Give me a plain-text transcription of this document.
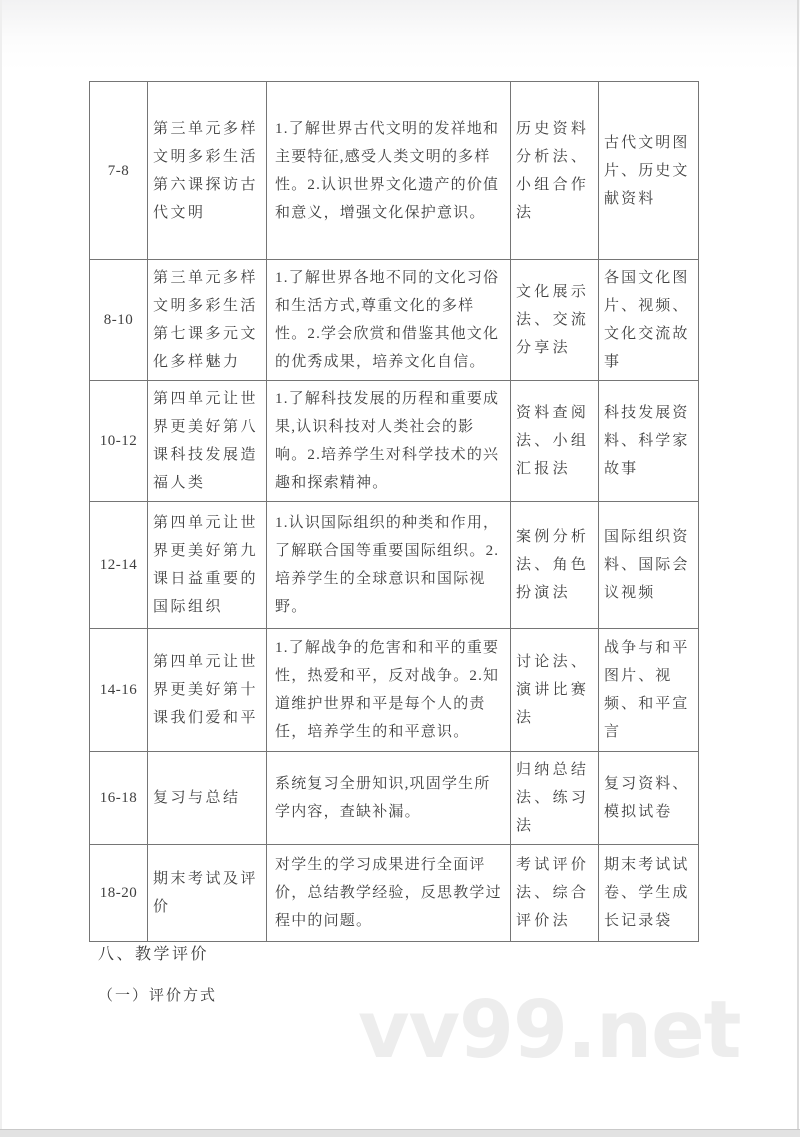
vv99.net
7-8	第三单元多样文明多彩生活第六课探访古代文明	1.了解世界古代文明的发祥地和主要特征,感受人类文明的多样性。2.认识世界文化遗产的价值和意义，增强文化保护意识。	历史资料分析法、小组合作法	古代文明图片、历史文献资料
8-10	第三单元多样文明多彩生活第七课多元文化多样魅力	1.了解世界各地不同的文化习俗和生活方式,尊重文化的多样性。2.学会欣赏和借鉴其他文化的优秀成果，培养文化自信。	文化展示法、交流分享法	各国文化图片、视频、文化交流故事
10-12	第四单元让世界更美好第八课科技发展造福人类	1.了解科技发展的历程和重要成果,认识科技对人类社会的影响。2.培养学生对科学技术的兴趣和探索精神。	资料查阅法、小组汇报法	科技发展资料、科学家故事
12-14	第四单元让世界更美好第九课日益重要的国际组织	1.认识国际组织的种类和作用，了解联合国等重要国际组织。2.培养学生的全球意识和国际视野。	案例分析法、角色扮演法	国际组织资料、国际会议视频
14-16	第四单元让世界更美好第十课我们爱和平	1.了解战争的危害和和平的重要性，热爱和平，反对战争。2.知道维护世界和平是每个人的责任，培养学生的和平意识。	讨论法、演讲比赛法	战争与和平图片、视频、和平宣言
16-18	复习与总结	系统复习全册知识,巩固学生所学内容，查缺补漏。	归纳总结法、练习法	复习资料、模拟试卷
18-20	期末考试及评价	对学生的学习成果进行全面评价，总结教学经验，反思教学过程中的问题。	考试评价法、综合评价法	期末考试试卷、学生成长记录袋
八、教学评价
（一）评价方式
